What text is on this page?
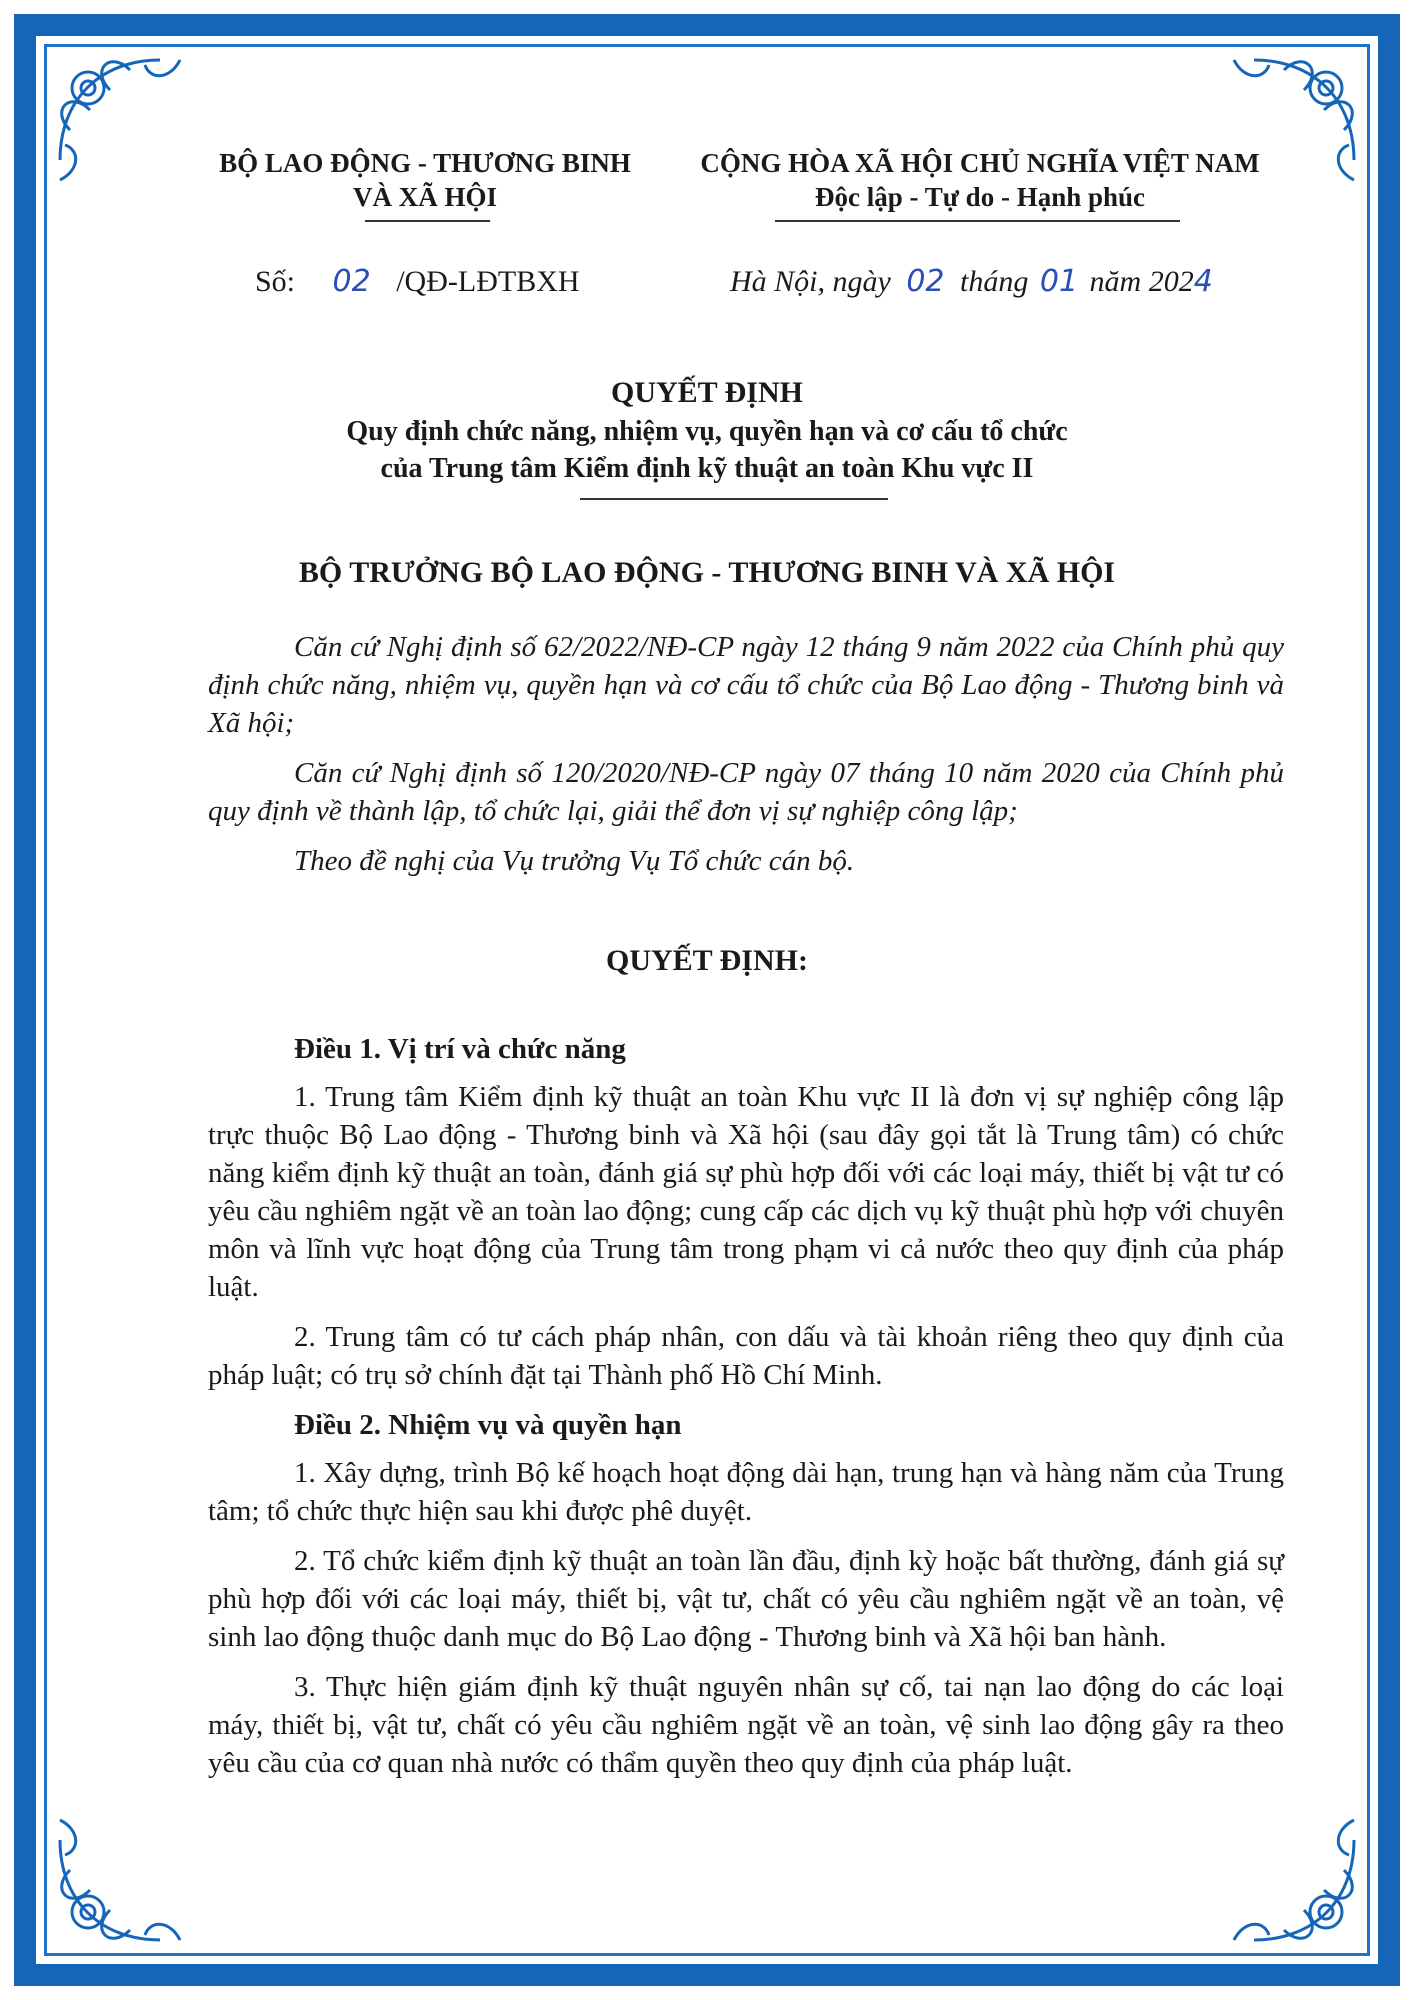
BỘ LAO ĐỘNG - THƯƠNG BINH
VÀ XÃ HỘI
CỘNG HÒA XÃ HỘI CHỦ NGHĨA VIỆT NAM
Độc lập - Tự do - Hạnh phúc
Số: 02 /QĐ-LĐTBXH	Hà Nội, ngày 02 tháng 01 năm 2024
QUYẾT ĐỊNH
Quy định chức năng, nhiệm vụ, quyền hạn và cơ cấu tổ chức
của Trung tâm Kiểm định kỹ thuật an toàn Khu vực II
BỘ TRƯỞNG BỘ LAO ĐỘNG - THƯƠNG BINH VÀ XÃ HỘI

Căn cứ Nghị định số 62/2022/NĐ-CP ngày 12 tháng 9 năm 2022 của Chính phủ quy định chức năng, nhiệm vụ, quyền hạn và cơ cấu tổ chức của Bộ Lao động - Thương binh và Xã hội;

Căn cứ Nghị định số 120/2020/NĐ-CP ngày 07 tháng 10 năm 2020 của Chính phủ quy định về thành lập, tổ chức lại, giải thể đơn vị sự nghiệp công lập;

Theo đề nghị của Vụ trưởng Vụ Tổ chức cán bộ.

QUYẾT ĐỊNH:
Điều 1. Vị trí và chức năng

1. Trung tâm Kiểm định kỹ thuật an toàn Khu vực II là đơn vị sự nghiệp công lập trực thuộc Bộ Lao động - Thương binh và Xã hội (sau đây gọi tắt là Trung tâm) có chức năng kiểm định kỹ thuật an toàn, đánh giá sự phù hợp đối với các loại máy, thiết bị vật tư có yêu cầu nghiêm ngặt về an toàn lao động; cung cấp các dịch vụ kỹ thuật phù hợp với chuyên môn và lĩnh vực hoạt động của Trung tâm trong phạm vi cả nước theo quy định của pháp luật.

2. Trung tâm có tư cách pháp nhân, con dấu và tài khoản riêng theo quy định của pháp luật; có trụ sở chính đặt tại Thành phố Hồ Chí Minh.

Điều 2. Nhiệm vụ và quyền hạn

1. Xây dựng, trình Bộ kế hoạch hoạt động dài hạn, trung hạn và hàng năm của Trung tâm; tổ chức thực hiện sau khi được phê duyệt.

2. Tổ chức kiểm định kỹ thuật an toàn lần đầu, định kỳ hoặc bất thường, đánh giá sự phù hợp đối với các loại máy, thiết bị, vật tư, chất có yêu cầu nghiêm ngặt về an toàn, vệ sinh lao động thuộc danh mục do Bộ Lao động - Thương binh và Xã hội ban hành.

3. Thực hiện giám định kỹ thuật nguyên nhân sự cố, tai nạn lao động do các loại máy, thiết bị, vật tư, chất có yêu cầu nghiêm ngặt về an toàn, vệ sinh lao động gây ra theo yêu cầu của cơ quan nhà nước có thẩm quyền theo quy định của pháp luật.
